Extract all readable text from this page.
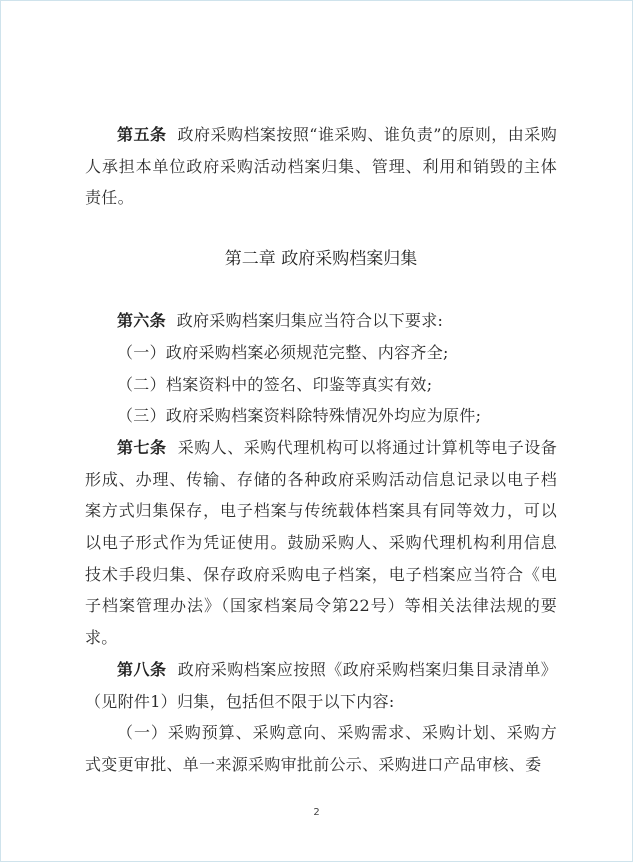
第五条 政府采购档案按照“谁采购、谁负责”的原则，由采购人承担本单位政府采购活动档案归集、管理、利用和销毁的主体责任。

第二章 政府采购档案归集

第六条 政府采购档案归集应当符合以下要求:

（一）政府采购档案必须规范完整、内容齐全;

（二）档案资料中的签名、印鉴等真实有效;

（三）政府采购档案资料除特殊情况外均应为原件;

第七条 采购人、采购代理机构可以将通过计算机等电子设备形成、办理、传输、存储的各种政府采购活动信息记录以电子档案方式归集保存，电子档案与传统载体档案具有同等效力，可以以电子形式作为凭证使用。鼓励采购人、采购代理机构利用信息技术手段归集、保存政府采购电子档案，电子档案应当符合《电子档案管理办法》（国家档案局令第22号）等相关法律法规的要求。

第八条 政府采购档案应按照《政府采购档案归集目录清单》（见附件1）归集，包括但不限于以下内容:

（一）采购预算、采购意向、采购需求、采购计划、采购方式变更审批、单一来源采购审批前公示、采购进口产品审核、委

2
